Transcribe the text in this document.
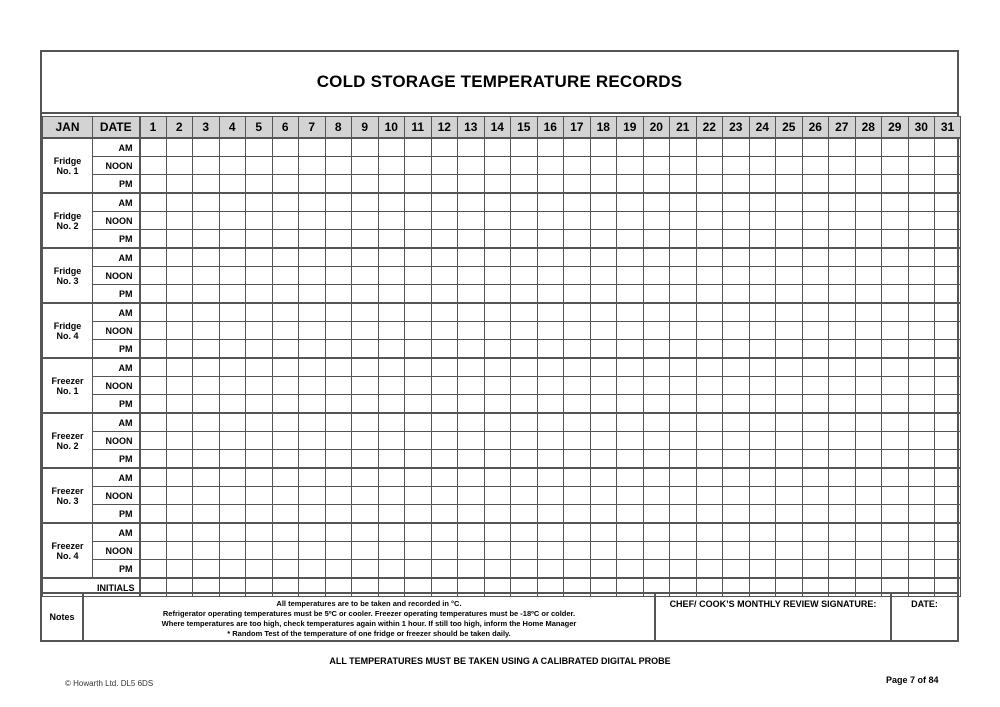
COLD STORAGE TEMPERATURE RECORDS
JAN	DATE	1	2	3	4	5	6	7	8	9	10	11	12	13	14	15	16	17	18	19	20	21	22	23	24	25	26	27	28	29	30	31

Fridge
No. 1	AM																															
	NOON																															
	PM																															

Fridge
No. 2	AM																															
	NOON																															
	PM																															

Fridge
No. 3	AM																															
	NOON																															
	PM																															

Fridge
No. 4	AM																															
	NOON																															
	PM																															

Freezer
No. 1	AM																															
	NOON																															
	PM																															

Freezer
No. 2	AM																															
	NOON																															
	PM																															

Freezer
No. 3	AM																															
	NOON																															
	PM																															

Freezer
No. 4	AM																															
	NOON																															
	PM																															
INITIALS																																
Notes
All temperatures are to be taken and recorded in °C.
Refrigerator operating temperatures must be 5ºC or cooler. Freezer operating temperatures must be -18ºC or colder.
Where temperatures are too high, check temperatures again within 1 hour. If still too high, inform the Home Manager
* Random Test of the temperature of one fridge or freezer should be taken daily.
CHEF/ COOK’S MONTHLY REVIEW SIGNATURE:	DATE:
ALL TEMPERATURES MUST BE TAKEN USING A CALIBRATED DIGITAL PROBE
© Howarth Ltd. DL5 6DS	Page 7 of 84
